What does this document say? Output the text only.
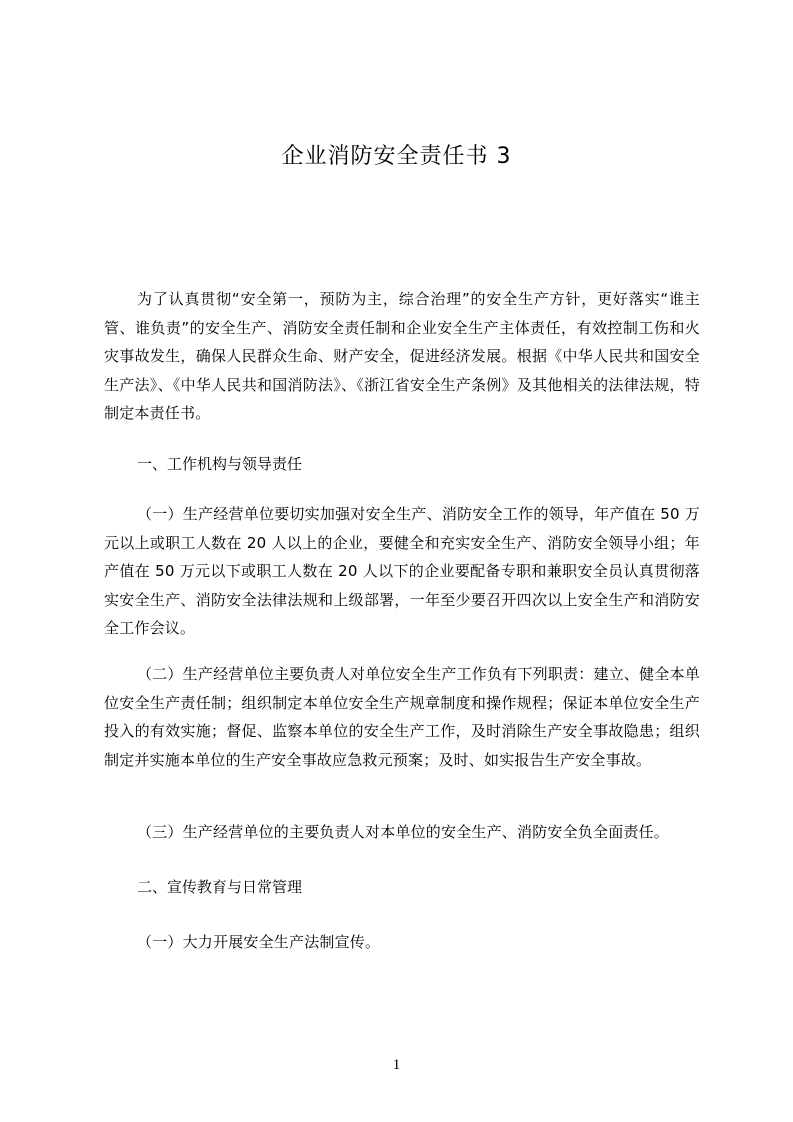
企业消防安全责任书 3

为了认真贯彻“安全第一，预防为主，综合治理”的安全生产方针，更好落实“谁主管、谁负责”的安全生产、消防安全责任制和企业安全生产主体责任，有效控制工伤和火灾事故发生，确保人民群众生命、财产安全，促进经济发展。根据《中华人民共和国安全生产法》、《中华人民共和国消防法》、《浙江省安全生产条例》及其他相关的法律法规，特制定本责任书。

一、工作机构与领导责任

（一）生产经营单位要切实加强对安全生产、消防安全工作的领导，年产值在 50 万元以上或职工人数在 20 人以上的企业，要健全和充实安全生产、消防安全领导小组；年产值在 50 万元以下或职工人数在 20 人以下的企业要配备专职和兼职安全员认真贯彻落实安全生产、消防安全法律法规和上级部署，一年至少要召开四次以上安全生产和消防安全工作会议。

（二）生产经营单位主要负责人对单位安全生产工作负有下列职责：建立、健全本单位安全生产责任制；组织制定本单位安全生产规章制度和操作规程；保证本单位安全生产投入的有效实施；督促、监察本单位的安全生产工作，及时消除生产安全事故隐患；组织制定并实施本单位的生产安全事故应急救元预案；及时、如实报告生产安全事故。

（三）生产经营单位的主要负责人对本单位的安全生产、消防安全负全面责任。

二、宣传教育与日常管理

（一）大力开展安全生产法制宣传。

1
